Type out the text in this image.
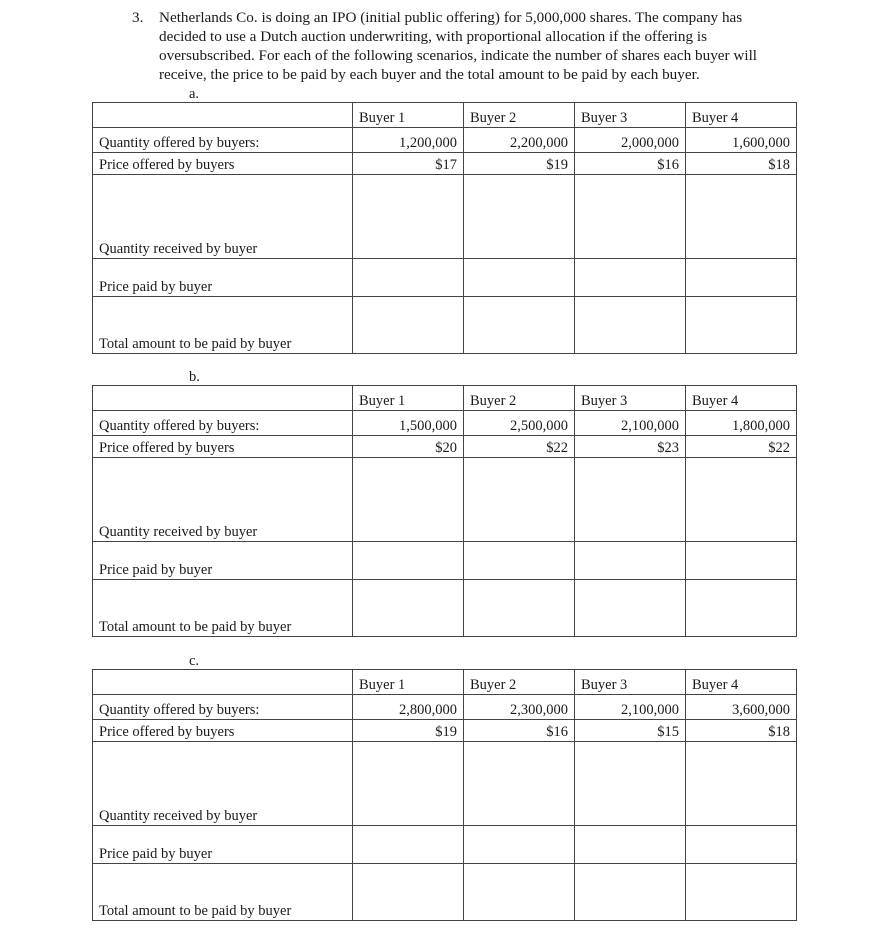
3. Netherlands Co. is doing an IPO (initial public offering) for 5,000,000 shares. The company has
decided to use a Dutch auction underwriting, with proportional allocation if the offering is
oversubscribed. For each of the following scenarios, indicate the number of shares each buyer will
receive, the price to be paid by each buyer and the total amount to be paid by each buyer.
a.
	Buyer 1	Buyer 2	Buyer 3	Buyer 4
Quantity offered by buyers:	1,200,000	2,200,000	2,000,000	1,600,000
Price offered by buyers	$17	$19	$16	$18
Quantity received by buyer				
Price paid by buyer				
Total amount to be paid by buyer				
b.
	Buyer 1	Buyer 2	Buyer 3	Buyer 4
Quantity offered by buyers:	1,500,000	2,500,000	2,100,000	1,800,000
Price offered by buyers	$20	$22	$23	$22
Quantity received by buyer				
Price paid by buyer				
Total amount to be paid by buyer				
c.
	Buyer 1	Buyer 2	Buyer 3	Buyer 4
Quantity offered by buyers:	2,800,000	2,300,000	2,100,000	3,600,000
Price offered by buyers	$19	$16	$15	$18
Quantity received by buyer				
Price paid by buyer				
Total amount to be paid by buyer				
